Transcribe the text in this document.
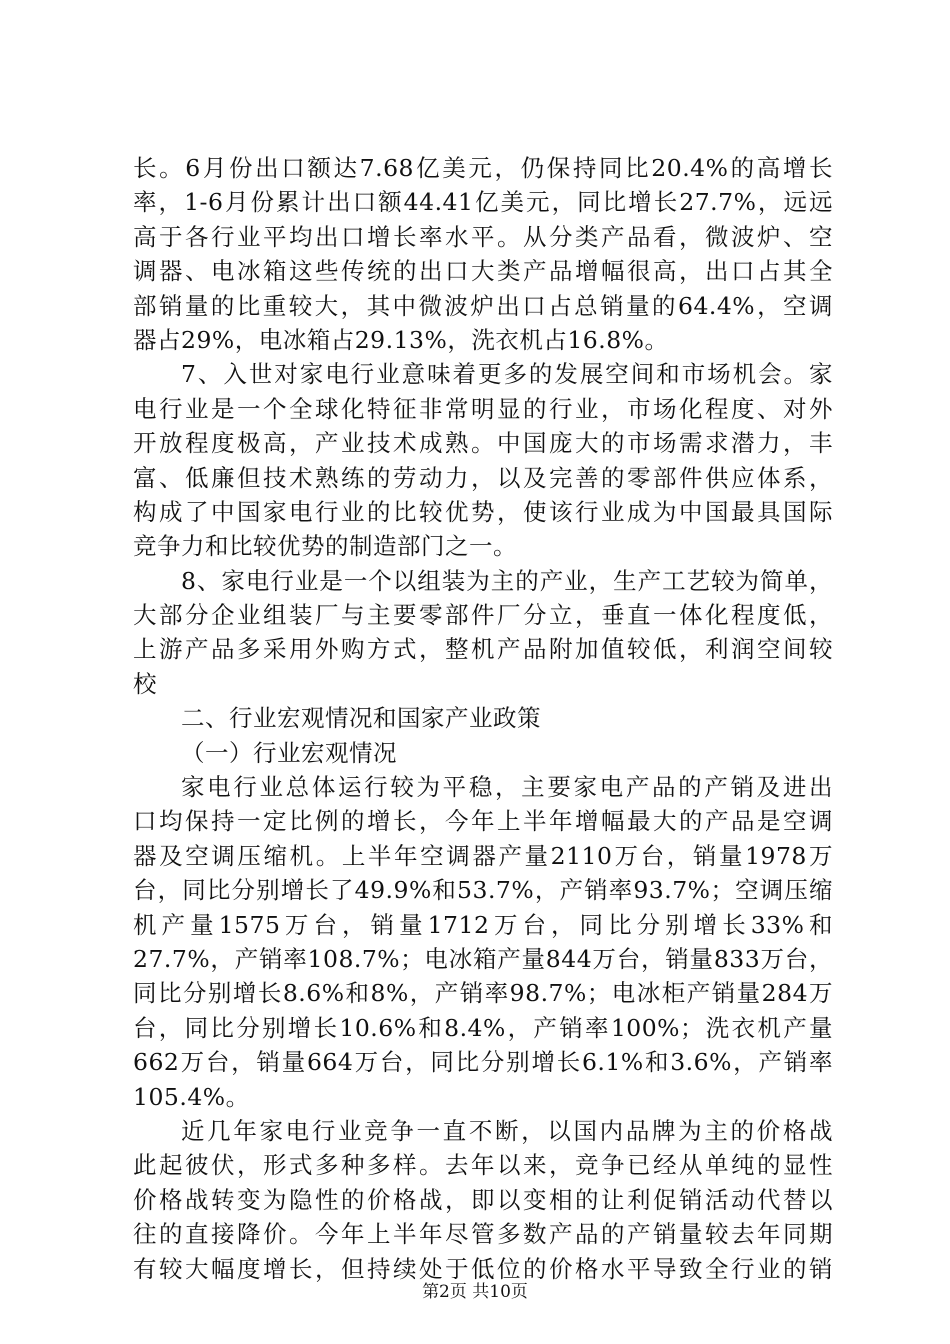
长。6月份出口额达7.68亿美元，仍保持同比20.4%的高增长
率，1-6月份累计出口额44.41亿美元，同比增长27.7%，远远
高于各行业平均出口增长率水平。从分类产品看，微波炉、空
调器、电冰箱这些传统的出口大类产品增幅很高，出口占其全
部销量的比重较大，其中微波炉出口占总销量的64.4%，空调
器占29%，电冰箱占29.13%，洗衣机占16.8%。
7、入世对家电行业意味着更多的发展空间和市场机会。家
电行业是一个全球化特征非常明显的行业，市场化程度、对外
开放程度极高，产业技术成熟。中国庞大的市场需求潜力，丰
富、低廉但技术熟练的劳动力，以及完善的零部件供应体系，
构成了中国家电行业的比较优势，使该行业成为中国最具国际
竞争力和比较优势的制造部门之一。
8、家电行业是一个以组装为主的产业，生产工艺较为简单，
大部分企业组装厂与主要零部件厂分立，垂直一体化程度低，
上游产品多采用外购方式，整机产品附加值较低，利润空间较
校
二、行业宏观情况和国家产业政策
（一）行业宏观情况
家电行业总体运行较为平稳，主要家电产品的产销及进出
口均保持一定比例的增长，今年上半年增幅最大的产品是空调
器及空调压缩机。上半年空调器产量2110万台，销量1978万
台，同比分别增长了49.9%和53.7%，产销率93.7%；空调压缩
机产量1575万台，销量1712万台，同比分别增长33%和
27.7%，产销率108.7%；电冰箱产量844万台，销量833万台，
同比分别增长8.6%和8%，产销率98.7%；电冰柜产销量284万
台，同比分别增长10.6%和8.4%，产销率100%；洗衣机产量
662万台，销量664万台，同比分别增长6.1%和3.6%，产销率
105.4%。
近几年家电行业竞争一直不断，以国内品牌为主的价格战
此起彼伏，形式多种多样。去年以来，竞争已经从单纯的显性
价格战转变为隐性的价格战，即以变相的让利促销活动代替以
往的直接降价。今年上半年尽管多数产品的产销量较去年同期
有较大幅度增长，但持续处于低位的价格水平导致全行业的销
第2页 共10页
